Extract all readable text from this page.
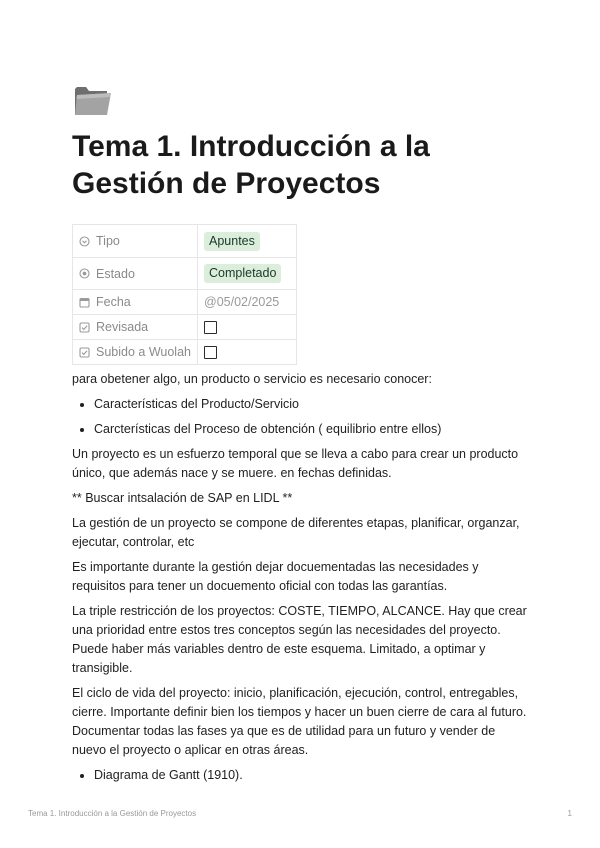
Tema 1. Introducción a la Gestión de Proyectos
Tipo	Apuntes

Estado	Completado

Fecha	@05/02/2025

Revisada	

Subido a Wuolah	

para obetener algo, un producto o servicio es necesario conocer:

• Características del Producto/Servicio
• Carcterísticas del Proceso de obtención ( equilibrio entre ellos)

Un proyecto es un esfuerzo temporal que se lleva a cabo para crear un producto único, que además nace y se muere. en fechas definidas.

** Buscar intsalación de SAP en LIDL **

La gestión de un proyecto se compone de diferentes etapas, planificar, organzar, ejecutar, controlar, etc

Es importante durante la gestión dejar docuementadas las necesidades y requisitos para tener un docuemento oficial con todas las garantías.

La triple restricción de los proyectos: COSTE, TIEMPO, ALCANCE. Hay que crear una prioridad entre estos tres conceptos según las necesidades del proyecto. Puede haber más variables dentro de este esquema. Limitado, a optimar y transigible.

El ciclo de vida del proyecto: inicio, planificación, ejecución, control, entregables, cierre. Importante definir bien los tiempos y hacer un buen cierre de cara al futuro. Documentar todas las fases ya que es de utilidad para un futuro y vender de nuevo el proyecto o aplicar en otras áreas.

• Diagrama de Gantt (1910).
Tema 1. Introducción a la Gestión de Proyectos	1
